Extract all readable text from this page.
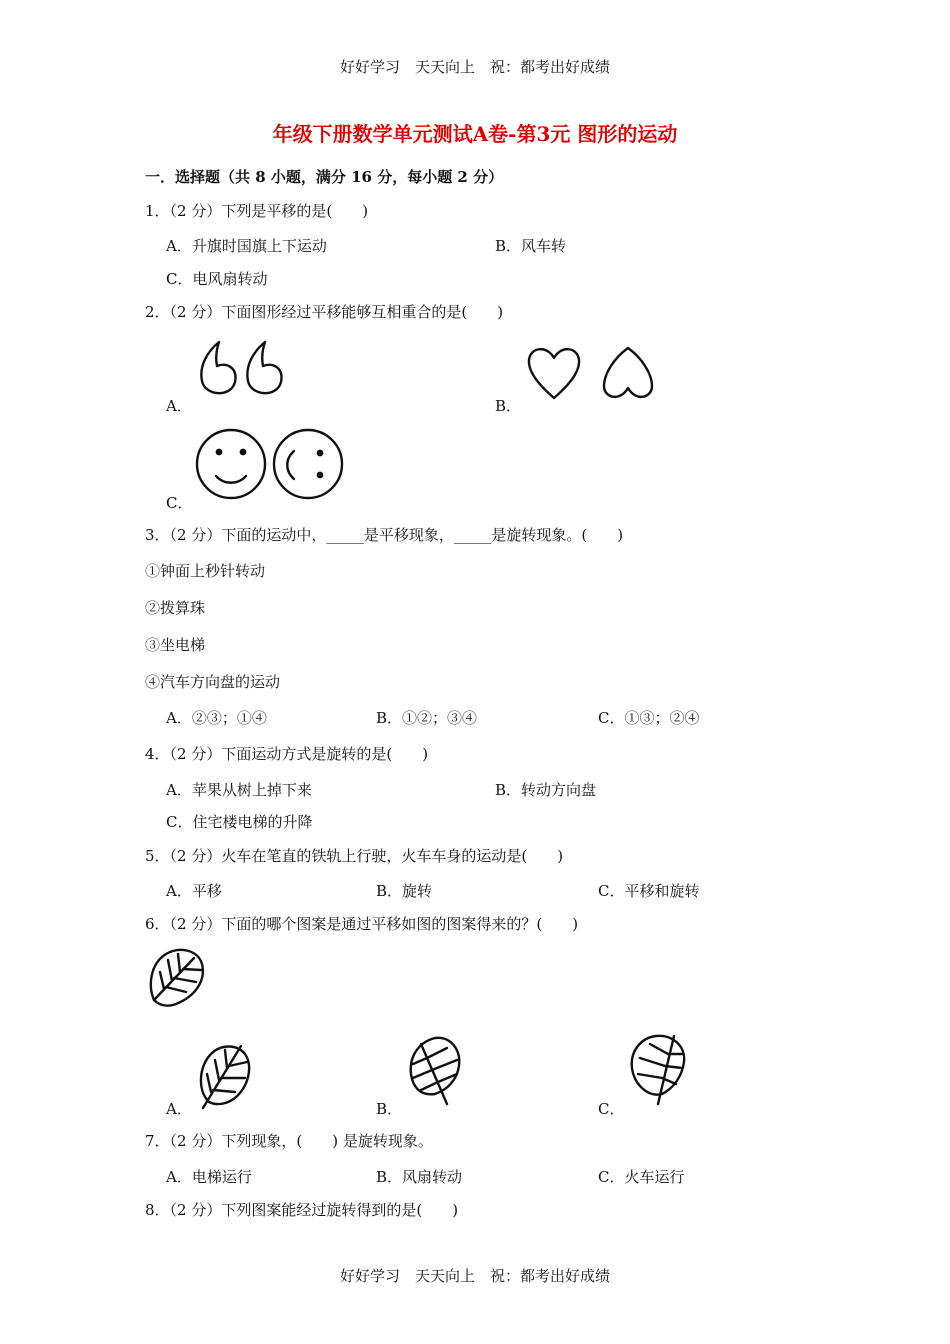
好好学习　天天向上　祝：都考出好成绩
好好学习　天天向上　祝：都考出好成绩
年级下册数学单元测试A卷-第3元 图形的运动
一．选择题（共 8 小题，满分 16 分，每小题 2 分）
1．（2 分）下列是平移的是(　　)
A．升旗时国旗上下运动	B．风车转
C．电风扇转动
2．（2 分）下面图形经过平移能够互相重合的是(　　)
A．	B．
C．
3．（2 分）下面的运动中，_____是平移现象，_____是旋转现象。(　　)
①钟面上秒针转动
②拨算珠
③坐电梯
④汽车方向盘的运动
A．②③；①④	B．①②；③④	C．①③；②④
4．（2 分）下面运动方式是旋转的是(　　)
A．苹果从树上掉下来	B．转动方向盘
C．住宅楼电梯的升降
5．（2 分）火车在笔直的铁轨上行驶，火车车身的运动是(　　)
A．平移	B．旋转	C．平移和旋转
6．（2 分）下面的哪个图案是通过平移如图的图案得来的？(　　)
A．	B．	C．
7．（2 分）下列现象，(　　) 是旋转现象。
A．电梯运行	B．风扇转动	C．火车运行
8．（2 分）下列图案能经过旋转得到的是(　　)
